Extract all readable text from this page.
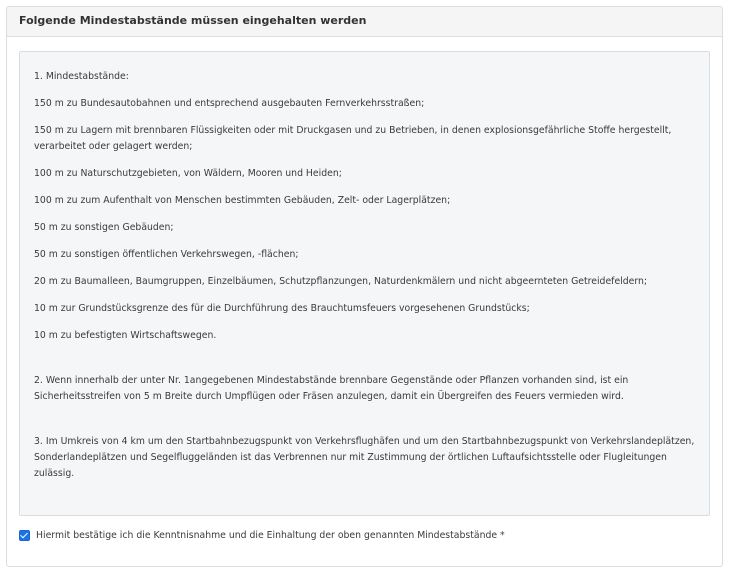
Folgende Mindestabstände müssen eingehalten werden

1. Mindestabstände:

150 m zu Bundesautobahnen und entsprechend ausgebauten Fernverkehrsstraßen;

150 m zu Lagern mit brennbaren Flüssigkeiten oder mit Druckgasen und zu Betrieben, in denen explosionsgefährliche Stoffe hergestellt, verarbeitet oder gelagert werden;

100 m zu Naturschutzgebieten, von Wäldern, Mooren und Heiden;

100 m zu zum Aufenthalt von Menschen bestimmten Gebäuden, Zelt- oder Lagerplätzen;

50 m zu sonstigen Gebäuden;

50 m zu sonstigen öffentlichen Verkehrswegen, -flächen;

20 m zu Baumalleen, Baumgruppen, Einzelbäumen, Schutzpflanzungen, Naturdenkmälern und nicht abgeernteten Getreidefeldern;

10 m zur Grundstücksgrenze des für die Durchführung des Brauchtumsfeuers vorgesehenen Grundstücks;

10 m zu befestigten Wirtschaftswegen.

2. Wenn innerhalb der unter Nr. 1angegebenen Mindestabstände brennbare Gegenstände oder Pflanzen vorhanden sind, ist ein Sicherheitsstreifen von 5 m Breite durch Umpflügen oder Fräsen anzulegen, damit ein Übergreifen des Feuers vermieden wird.

3. Im Umkreis von 4 km um den Startbahnbezugspunkt von Verkehrsflughäfen und um den Startbahnbezugspunkt von Verkehrslandeplätzen, Sonderlandeplätzen und Segelfluggeländen ist das Verbrennen nur mit Zustimmung der örtlichen Luftaufsichtsstelle oder Flugleitungen zulässig.

Hiermit bestätige ich die Kenntnisnahme und die Einhaltung der oben genannten Mindestabstände *
